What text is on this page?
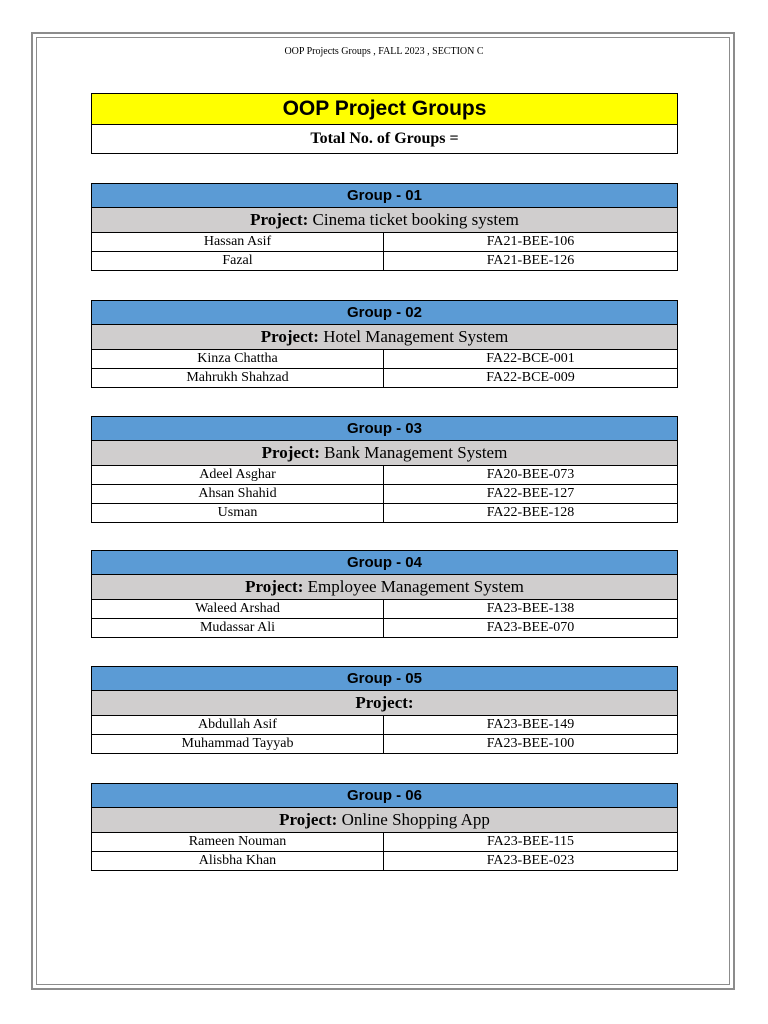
OOP Projects Groups , FALL 2023 , SECTION C
OOP Project Groups
Total No. of Groups =
Group - 01
Project: Cinema ticket booking system
Hassan Asif	FA21-BEE-106
Fazal	FA21-BEE-126
Group - 02
Project: Hotel Management System
Kinza Chattha	FA22-BCE-001
Mahrukh Shahzad	FA22-BCE-009
Group - 03
Project: Bank Management System
Adeel Asghar	FA20-BEE-073
Ahsan Shahid	FA22-BEE-127
Usman	FA22-BEE-128
Group - 04
Project: Employee Management System
Waleed Arshad	FA23-BEE-138
Mudassar Ali	FA23-BEE-070
Group - 05
Project:
Abdullah Asif	FA23-BEE-149
Muhammad Tayyab	FA23-BEE-100
Group - 06
Project: Online Shopping App
Rameen Nouman	FA23-BEE-115
Alisbha Khan	FA23-BEE-023
